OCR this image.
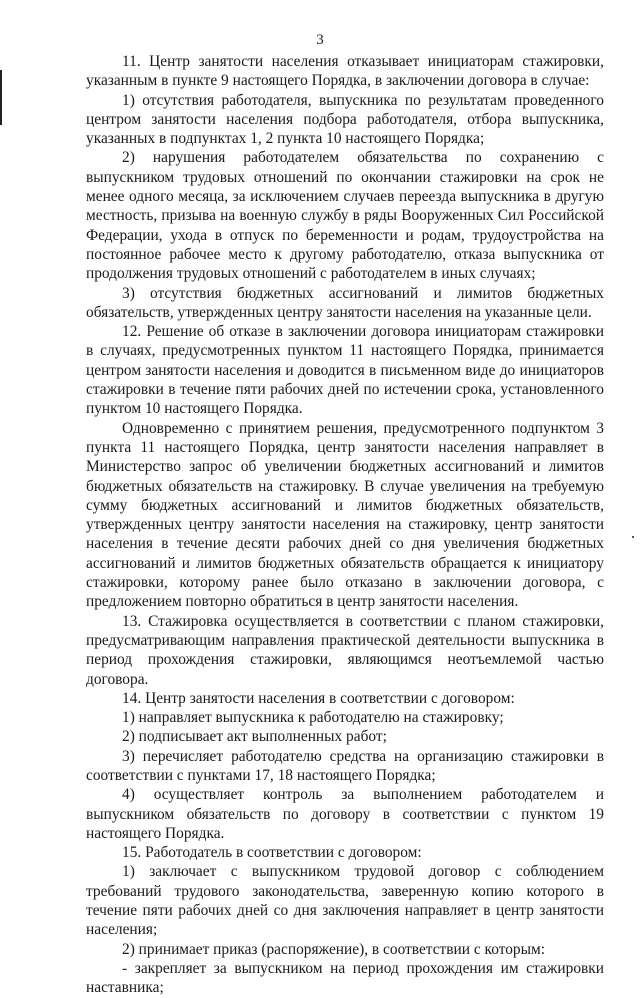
3

11. Центр занятости населения отказывает инициаторам стажировки, указанным в пункте 9 настоящего Порядка, в заключении договора в случае:

1) отсутствия работодателя, выпускника по результатам проведенного центром занятости населения подбора работодателя, отбора выпускника, указанных в подпунктах 1, 2 пункта 10 настоящего Порядка;

2) нарушения работодателем обязательства по сохранению с выпускником трудовых отношений по окончании стажировки на срок не менее одного месяца, за исключением случаев переезда выпускника в другую местность, призыва на военную службу в ряды Вооруженных Сил Российской Федерации, ухода в отпуск по беременности и родам, трудоустройства на постоянное рабочее место к другому работодателю, отказа выпускника от продолжения трудовых отношений с работодателем в иных случаях;

3) отсутствия бюджетных ассигнований и лимитов бюджетных обязательств, утвержденных центру занятости населения на указанные цели.

12. Решение об отказе в заключении договора инициаторам стажировки в случаях, предусмотренных пунктом 11 настоящего Порядка, принимается центром занятости населения и доводится в письменном виде до инициаторов стажировки в течение пяти рабочих дней по истечении срока, установленного пунктом 10 настоящего Порядка.

Одновременно с принятием решения, предусмотренного подпунктом 3 пункта 11 настоящего Порядка, центр занятости населения направляет в Министерство запрос об увеличении бюджетных ассигнований и лимитов бюджетных обязательств на стажировку. В случае увеличения на требуемую сумму бюджетных ассигнований и лимитов бюджетных обязательств, утвержденных центру занятости населения на стажировку, центр занятости населения в течение десяти рабочих дней со дня увеличения бюджетных ассигнований и лимитов бюджетных обязательств обращается к инициатору стажировки, которому ранее было отказано в заключении договора, с предложением повторно обратиться в центр занятости населения.

13. Стажировка осуществляется в соответствии с планом стажировки, предусматривающим направления практической деятельности выпускника в период прохождения стажировки, являющимся неотъемлемой частью договора.

14. Центр занятости населения в соответствии с договором:

1) направляет выпускника к работодателю на стажировку;

2) подписывает акт выполненных работ;

3) перечисляет работодателю средства на организацию стажировки в соответствии с пунктами 17, 18 настоящего Порядка;

4) осуществляет контроль за выполнением работодателем и выпускником обязательств по договору в соответствии с пунктом 19 настоящего Порядка.

15. Работодатель в соответствии с договором:

1) заключает с выпускником трудовой договор с соблюдением требований трудового законодательства, заверенную копию которого в течение пяти рабочих дней со дня заключения направляет в центр занятости населения;

2) принимает приказ (распоряжение), в соответствии с которым:

- закрепляет за выпускником на период прохождения им стажировки наставника;
